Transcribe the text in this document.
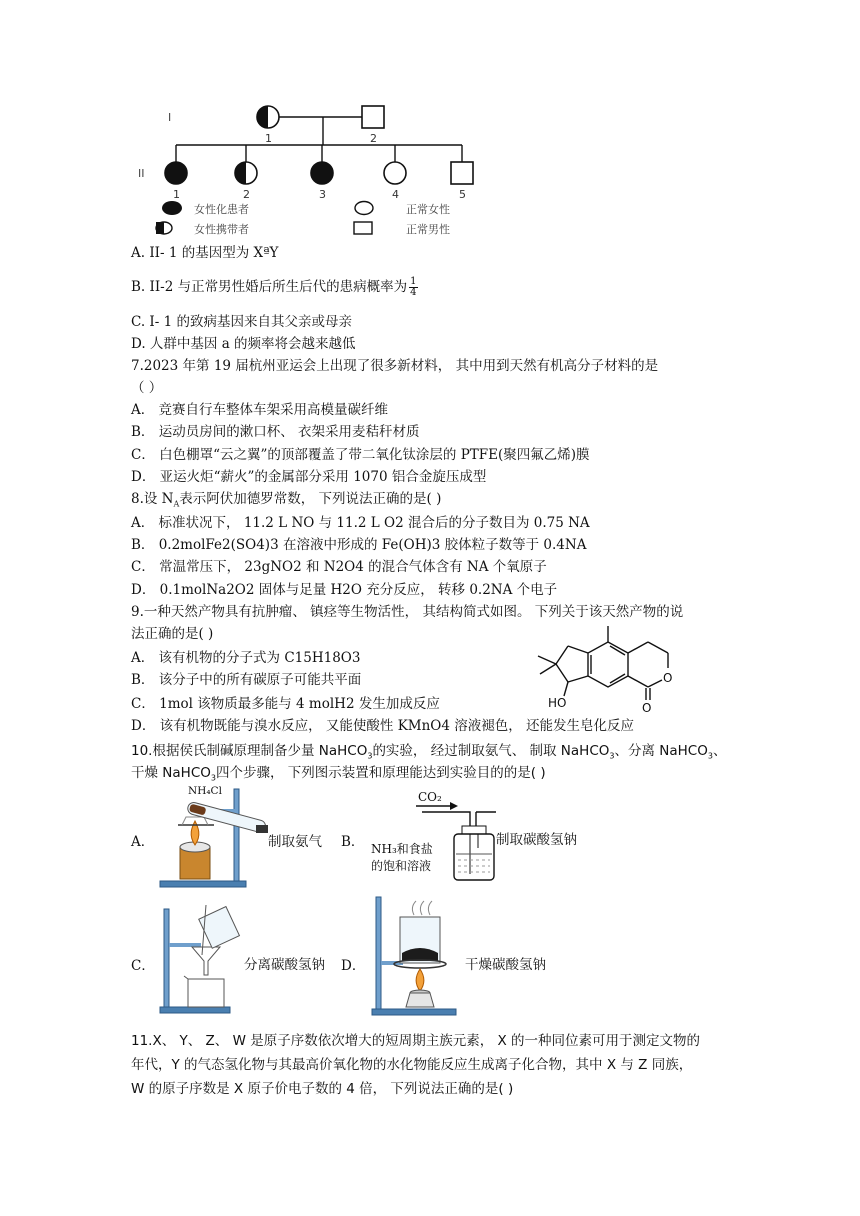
I
II
1	2
1	2	3	4	5
女性化患者
女性携带者
正常女性
正常男性
A. II- 1 的基因型为 XªY
B. II-2 与正常男性婚后所生后代的患病概率为 $\frac{1}{4}$
C. I- 1 的致病基因来自其父亲或母亲
D. 人群中基因 a 的频率将会越来越低
7.2023 年第 19 届杭州亚运会上出现了很多新材料， 其中用到天然有机高分子材料的是
（ ）
A． 竞赛自行车整体车架采用高模量碳纤维
B． 运动员房间的漱口杯、 衣架采用麦秸秆材质
C． 白色棚罩“云之翼”的顶部覆盖了带二氧化钛涂层的 PTFE(聚四氟乙烯)膜
D． 亚运火炬“薪火”的金属部分采用 1070 铝合金旋压成型
8.设 $N_A$表示阿伏加德罗常数， 下列说法正确的是( )
A． 标准状况下， 11.2 L NO 与 11.2 L O2 混合后的分子数目为 0.75 NA
B． 0.2molFe2(SO4)3 在溶液中形成的 Fe(OH)3 胶体粒子数等于 0.4NA
C． 常温常压下， 23gNO2 和 N2O4 的混合气体含有 NA 个氧原子
D． 0.1molNa2O2 固体与足量 H2O 充分反应， 转移 0.2NA 个电子
9.一种天然产物具有抗肿瘤、 镇痉等生物活性， 其结构简式如图。 下列关于该天然产物的说
法正确的是( )
A． 该有机物的分子式为 C15H18O3
B． 该分子中的所有碳原子可能共平面
C． 1mol 该物质最多能与 4 molH2 发生加成反应
D． 该有机物既能与溴水反应， 又能使酸性 KMnO4 溶液褪色， 还能发生皂化反应
O
HO	O
10.根据侯氏制碱原理制备少量 NaHCO$_3$的实验， 经过制取氨气、 制取 NaHCO$_3$、分离 NaHCO$_3$、
干燥 NaHCO$_3$四个步骤， 下列图示装置和原理能达到实验目的的是( )
A．
NH₄Cl
制取氨气 B．
CO₂
NH₃和食盐
的饱和溶液
制取碳酸氢钠
C．	分离碳酸氢钠 D．	干燥碳酸氢钠
11.X、 Y、 Z、 W 是原子序数依次增大的短周期主族元素， X 的一种同位素可用于测定文物的
年代，Y 的气态氢化物与其最高价氧化物的水化物能反应生成离子化合物，其中 X 与 Z 同族，
W 的原子序数是 X 原子价电子数的 4 倍， 下列说法正确的是( )
